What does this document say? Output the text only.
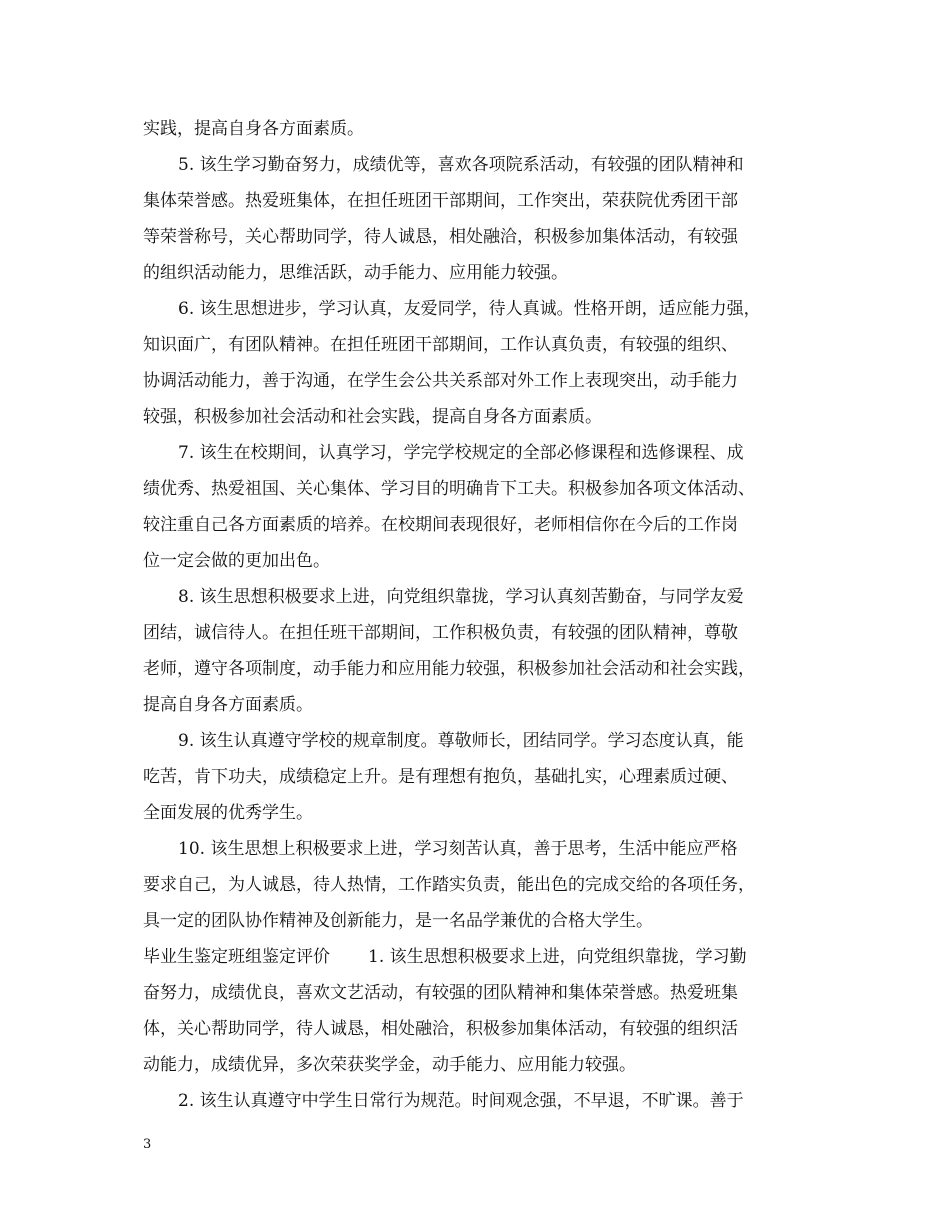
实践，提高自身各方面素质。
5. 该生学习勤奋努力，成绩优等，喜欢各项院系活动，有较强的团队精神和
集体荣誉感。热爱班集体，在担任班团干部期间，工作突出，荣获院优秀团干部
等荣誉称号，关心帮助同学，待人诚恳，相处融洽，积极参加集体活动，有较强
的组织活动能力，思维活跃，动手能力、应用能力较强。
6. 该生思想进步，学习认真，友爱同学，待人真诚。性格开朗，适应能力强，
知识面广，有团队精神。在担任班团干部期间，工作认真负责，有较强的组织、
协调活动能力，善于沟通，在学生会公共关系部对外工作上表现突出，动手能力
较强，积极参加社会活动和社会实践，提高自身各方面素质。
7. 该生在校期间，认真学习，学完学校规定的全部必修课程和选修课程、成
绩优秀、热爱祖国、关心集体、学习目的明确肯下工夫。积极参加各项文体活动、
较注重自己各方面素质的培养。在校期间表现很好，老师相信你在今后的工作岗
位一定会做的更加出色。
8. 该生思想积极要求上进，向党组织靠拢，学习认真刻苦勤奋，与同学友爱
团结，诚信待人。在担任班干部期间，工作积极负责，有较强的团队精神，尊敬
老师，遵守各项制度，动手能力和应用能力较强，积极参加社会活动和社会实践，
提高自身各方面素质。
9. 该生认真遵守学校的规章制度。尊敬师长，团结同学。学习态度认真，能
吃苦，肯下功夫，成绩稳定上升。是有理想有抱负，基础扎实，心理素质过硬、
全面发展的优秀学生。
10. 该生思想上积极要求上进，学习刻苦认真，善于思考，生活中能应严格
要求自己，为人诚恳，待人热情，工作踏实负责，能出色的完成交给的各项任务，
具一定的团队协作精神及创新能力，是一名品学兼优的合格大学生。
毕业生鉴定班组鉴定评价 1. 该生思想积极要求上进，向党组织靠拢，学习勤
奋努力，成绩优良，喜欢文艺活动，有较强的团队精神和集体荣誉感。热爱班集
体，关心帮助同学，待人诚恳，相处融洽，积极参加集体活动，有较强的组织活
动能力，成绩优异，多次荣获奖学金，动手能力、应用能力较强。
2. 该生认真遵守中学生日常行为规范。时间观念强，不早退，不旷课。善于
3
